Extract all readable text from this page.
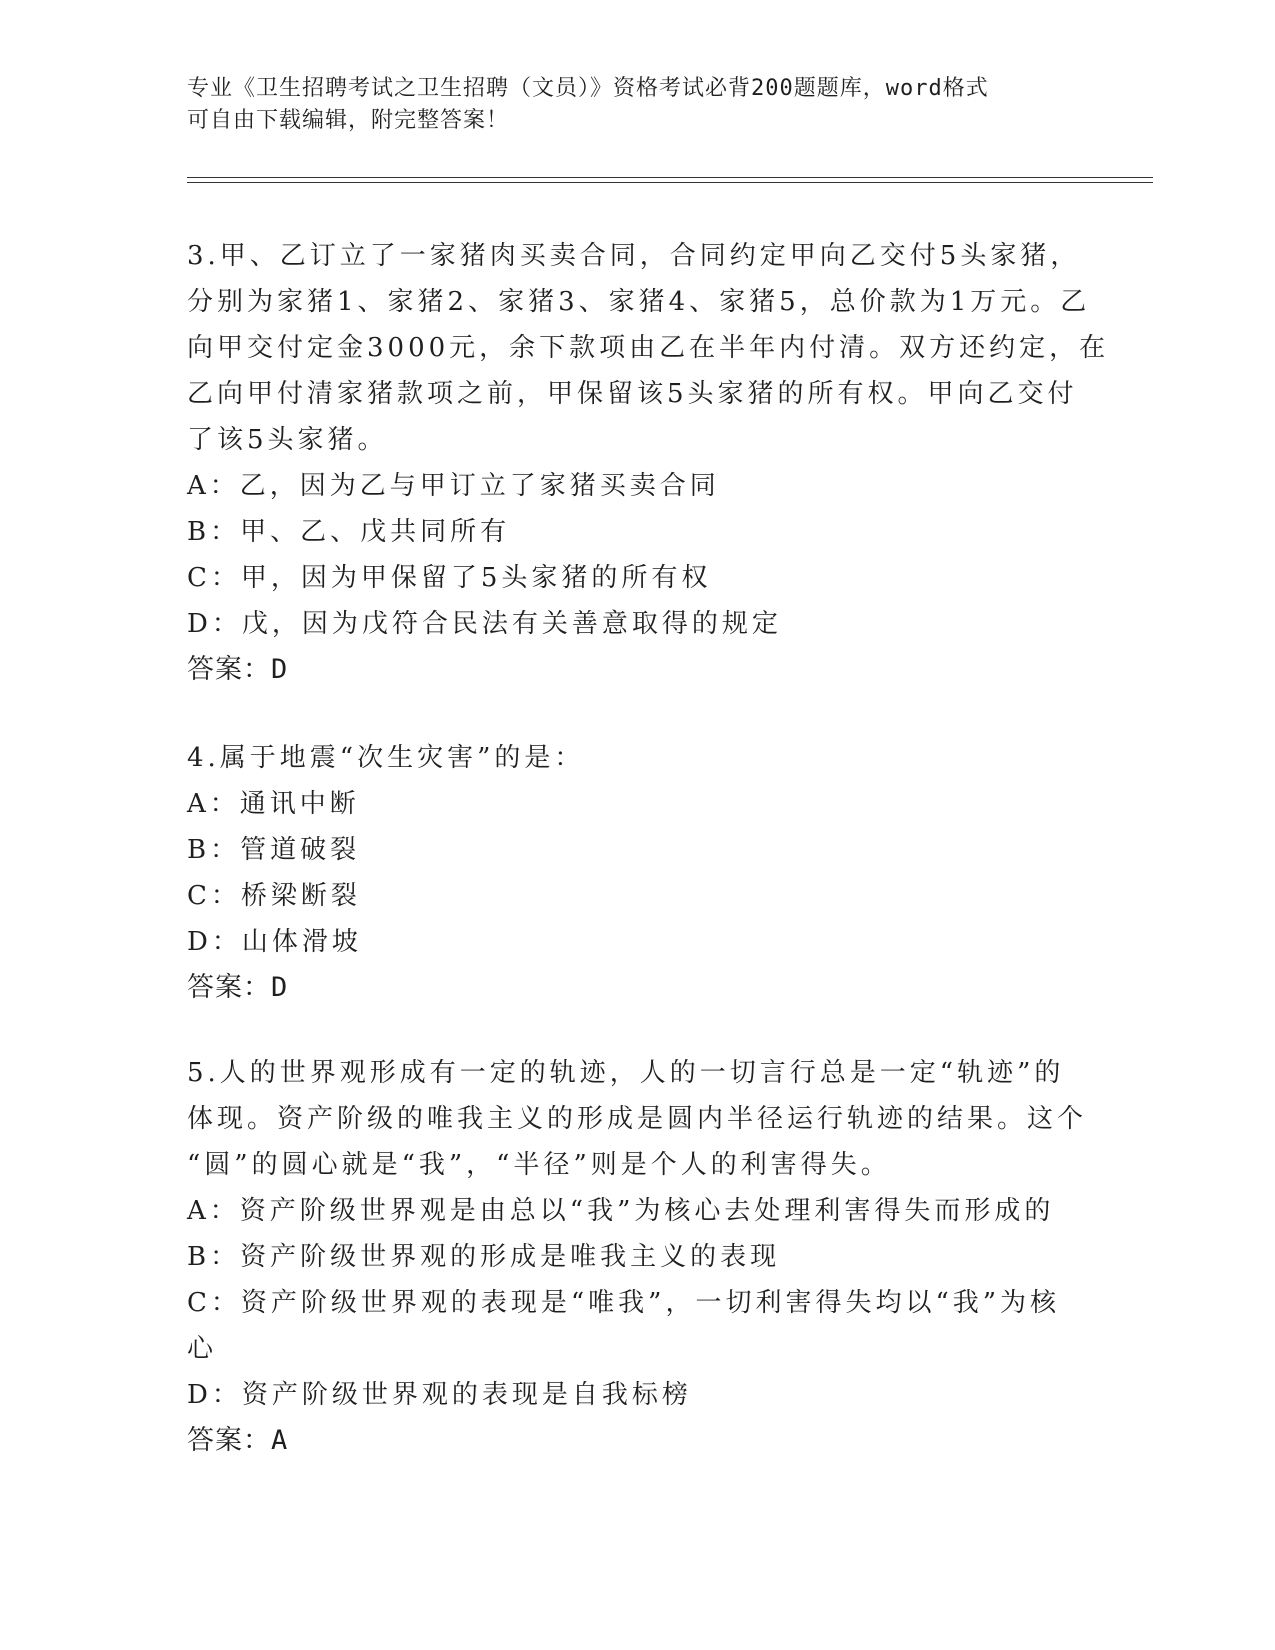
专业《卫生招聘考试之卫生招聘（文员）》资格考试必背200题题库，word格式
可自由下载编辑，附完整答案！
3.甲、乙订立了一家猪肉买卖合同，合同约定甲向乙交付5头家猪，
分别为家猪1、家猪2、家猪3、家猪4、家猪5，总价款为1万元。乙
向甲交付定金3000元，余下款项由乙在半年内付清。双方还约定，在
乙向甲付清家猪款项之前，甲保留该5头家猪的所有权。甲向乙交付
了该5头家猪。
A：乙，因为乙与甲订立了家猪买卖合同
B：甲、乙、戊共同所有
C：甲，因为甲保留了5头家猪的所有权
D：戊，因为戊符合民法有关善意取得的规定
答案：D
4.属于地震“次生灾害”的是：
A：通讯中断
B：管道破裂
C：桥梁断裂
D：山体滑坡
答案：D
5.人的世界观形成有一定的轨迹，人的一切言行总是一定“轨迹”的
体现。资产阶级的唯我主义的形成是圆内半径运行轨迹的结果。这个
“圆”的圆心就是“我”，“半径”则是个人的利害得失。
A：资产阶级世界观是由总以“我”为核心去处理利害得失而形成的
B：资产阶级世界观的形成是唯我主义的表现
C：资产阶级世界观的表现是“唯我”，一切利害得失均以“我”为核
心
D：资产阶级世界观的表现是自我标榜
答案：A
